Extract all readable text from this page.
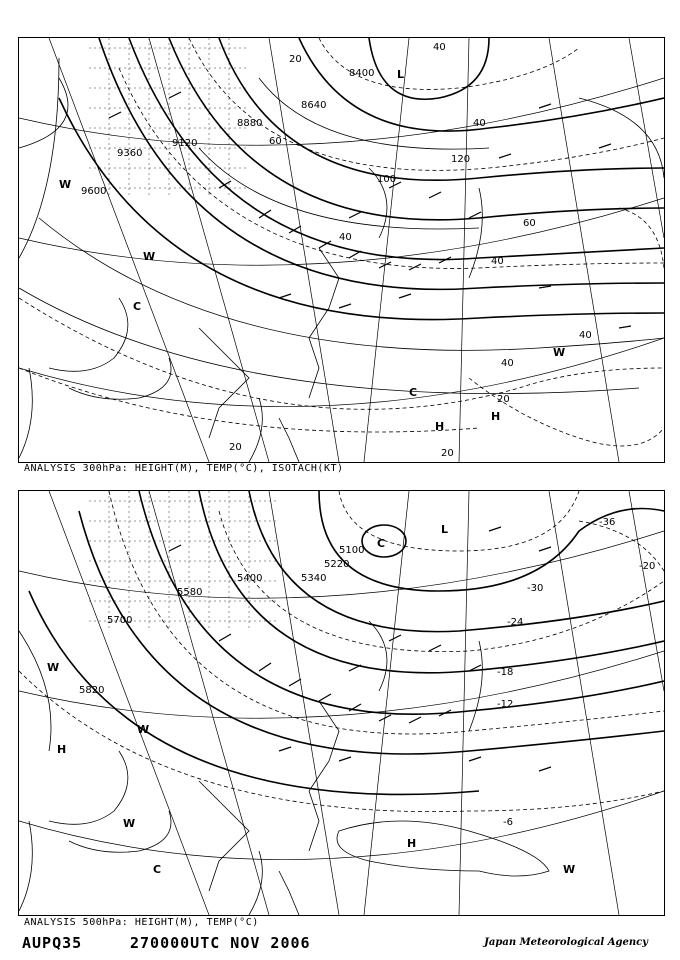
8400
8640
8880
9120
9360
9600
20
40
40
60
60
40
40
40
40
20
20
20
100
120
L
W
W
C
C
H
H
W
ANALYSIS 300hPa: HEIGHT(M), TEMP(°C), ISOTACH(KT)
5100
5220
5340
5400
5580
5700
5820
-36
-30
-24
-18
-12
-6
-20
C
L
W
W
H
W
C
H
W
ANALYSIS 500hPa: HEIGHT(M), TEMP(°C)
AUPQ35	270000UTC NOV 2006	Japan Meteorological Agency
